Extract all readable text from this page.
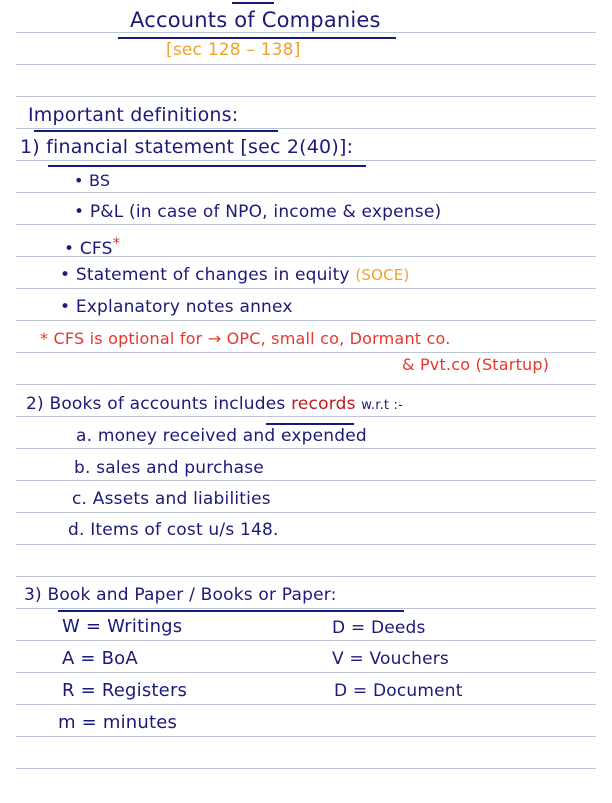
Accounts of Companies
[sec 128 – 138]
Important definitions:
1) financial statement [sec 2(40)]:
• BS
• P&L (in case of NPO, income & expense)
• CFS*
• Statement of changes in equity (SOCE)
• Explanatory notes annex
* CFS is optional for → OPC, small co, Dormant co.
& Pvt.co (Startup)
2) Books of accounts includes records w.r.t :-
a. money received and expended
b. sales and purchase
c. Assets and liabilities
d. Items of cost u/s 148.
3) Book and Paper / Books or Paper:
W = Writings
A = BoA
R = Registers
m = minutes
D = Deeds
V = Vouchers
D = Document
